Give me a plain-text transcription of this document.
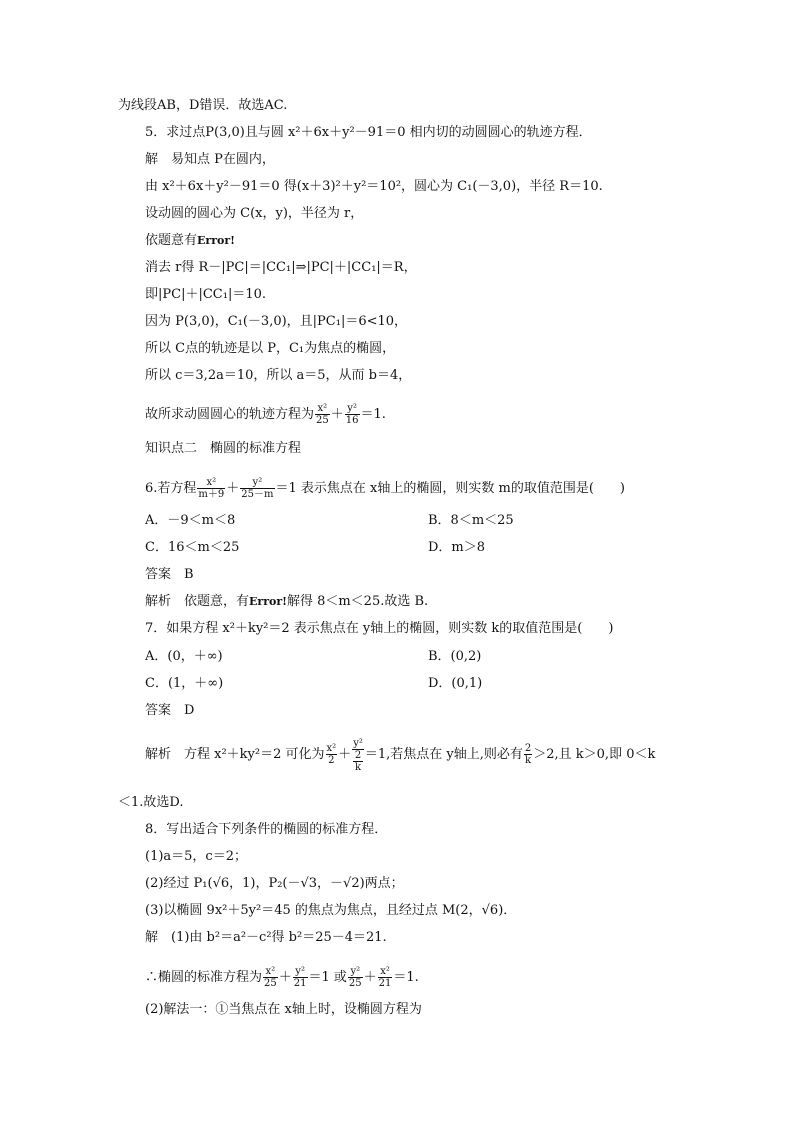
为线段AB，D错误．故选AC.
5．求过点P(3,0)且与圆 x²＋6x＋y²－91＝0 相内切的动圆圆心的轨迹方程．
解　易知点 P在圆内，
由 x²＋6x＋y²－91＝0 得(x＋3)²＋y²＝10²，圆心为 C₁(－3,0)，半径 R＝10.
设动圆的圆心为 C(x，y)，半径为 r，
依题意有Error!
消去 r得 R－|PC|＝|CC₁|⇒|PC|＋|CC₁|＝R，
即|PC|＋|CC₁|＝10.
因为 P(3,0)，C₁(－3,0)，且|PC₁|＝6<10，
所以 C点的轨迹是以 P，C₁为焦点的椭圆，
所以 c＝3,2a＝10，所以 a＝5，从而 b＝4，
故所求动圆圆心的轨迹方程为 $\frac{\text{x²}}{25} + \frac{\text{y²}}{16} =1$.
知识点二　椭圆的标准方程
6.若方程 $\frac{\text{x²}}{m+9} + \frac{\text{y²}}{25-m} =1$ 表示焦点在 x轴上的椭圆，则实数 m的取值范围是(　　)
A．－9＜m＜8	B．8＜m＜25
C．16＜m＜25	D．m＞8
答案　B
解析　依题意，有Error!解得 8＜m＜25.故选 B.
7．如果方程 x²＋ky²＝2 表示焦点在 y轴上的椭圆，则实数 k的取值范围是(　　)
A．(0，＋∞)	B．(0,2)
C．(1，＋∞)	D．(0,1)
答案　D
解析　方程 x²＋ky²＝2 可化为 $\frac{\text{x²}}{2} + y^2$
2
k ＝1,若焦点在 y轴上,则必有 $\frac{2}{k} >2$,且 k＞0,即 0＜k
＜1.故选D.
8．写出适合下列条件的椭圆的标准方程．
(1)a＝5，c＝2；
(2)经过 P₁(√6，1)，P₂(－√3，－√2)两点；
(3)以椭圆 9x²＋5y²＝45 的焦点为焦点，且经过点 M(2，√6)．
解　(1)由 b²＝a²－c²得 b²＝25－4＝21.
∴椭圆的标准方程为 $\frac{\text{x²}}{25} + \frac{\text{y²}}{21} =1$ 或 $\frac{\text{y²}}{25} + \frac{\text{x²}}{21} =1$.
(2)解法一：①当焦点在 x轴上时，设椭圆方程为
